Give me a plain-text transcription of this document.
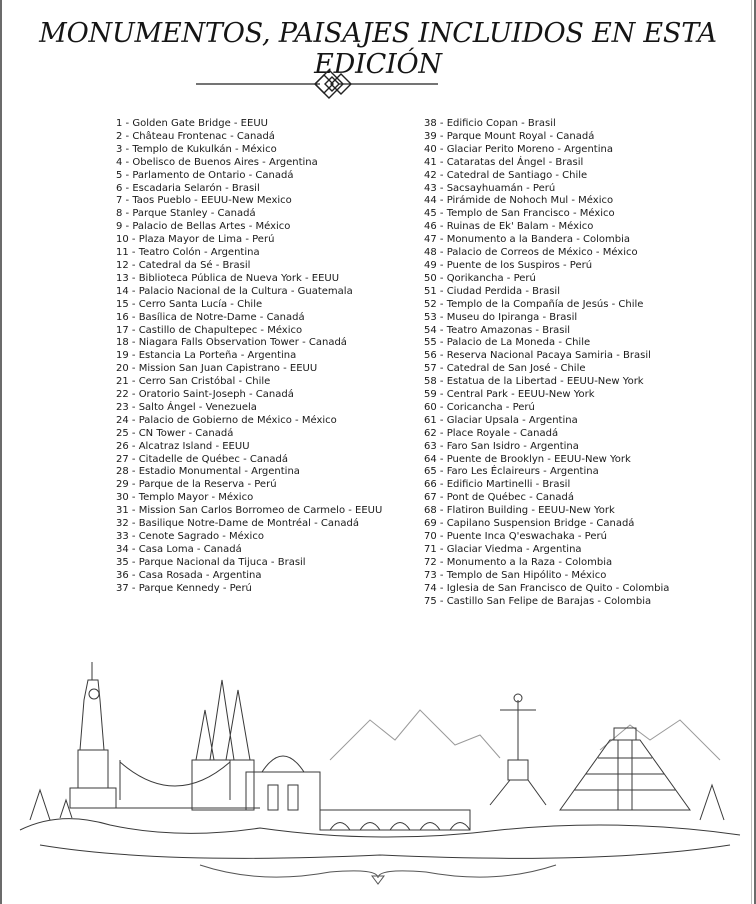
MONUMENTOS, PAISAJES INCLUIDOS EN ESTA EDICIÓN
1 - Golden Gate Bridge - EEUU
2 - Château Frontenac - Canadá
3 - Templo de Kukulkán - México
4 - Obelisco de Buenos Aires - Argentina
5 - Parlamento de Ontario - Canadá
6 - Escadaria Selarón - Brasil
7 - Taos Pueblo - EEUU-New Mexico
8 - Parque Stanley - Canadá
9 - Palacio de Bellas Artes - México
10 - Plaza Mayor de Lima - Perú
11 - Teatro Colón - Argentina
12 - Catedral da Sé - Brasil
13 - Biblioteca Pública de Nueva York - EEUU
14 - Palacio Nacional de la Cultura - Guatemala
15 - Cerro Santa Lucía - Chile
16 - Basílica de Notre-Dame - Canadá
17 - Castillo de Chapultepec - México
18 - Niagara Falls Observation Tower - Canadá
19 - Estancia La Porteña - Argentina
20 - Mission San Juan Capistrano - EEUU
21 - Cerro San Cristóbal - Chile
22 - Oratorio Saint-Joseph - Canadá
23 - Salto Ángel - Venezuela
24 - Palacio de Gobierno de México - México
25 - CN Tower - Canadá
26 - Alcatraz Island - EEUU
27 - Citadelle de Québec - Canadá
28 - Estadio Monumental - Argentina
29 - Parque de la Reserva - Perú
30 - Templo Mayor - México
31 - Mission San Carlos Borromeo de Carmelo - EEUU
32 - Basilique Notre-Dame de Montréal - Canadá
33 - Cenote Sagrado - México
34 - Casa Loma - Canadá
35 - Parque Nacional da Tijuca - Brasil
36 - Casa Rosada - Argentina
37 - Parque Kennedy - Perú
38 - Edificio Copan - Brasil
39 - Parque Mount Royal - Canadá
40 - Glaciar Perito Moreno - Argentina
41 - Cataratas del Ángel - Brasil
42 - Catedral de Santiago - Chile
43 - Sacsayhuamán - Perú
44 - Pirámide de Nohoch Mul - México
45 - Templo de San Francisco - México
46 - Ruinas de Ek' Balam - México
47 - Monumento a la Bandera - Colombia
48 - Palacio de Correos de México - México
49 - Puente de los Suspiros - Perú
50 - Qorikancha - Perú
51 - Ciudad Perdida - Brasil
52 - Templo de la Compañía de Jesús - Chile
53 - Museu do Ipiranga - Brasil
54 - Teatro Amazonas - Brasil
55 - Palacio de La Moneda - Chile
56 - Reserva Nacional Pacaya Samiria - Brasil
57 - Catedral de San José - Chile
58 - Estatua de la Libertad - EEUU-New York
59 - Central Park - EEUU-New York
60 - Coricancha - Perú
61 - Glaciar Upsala - Argentina
62 - Place Royale - Canadá
63 - Faro San Isidro - Argentina
64 - Puente de Brooklyn - EEUU-New York
65 - Faro Les Éclaireurs - Argentina
66 - Edificio Martinelli - Brasil
67 - Pont de Québec - Canadá
68 - Flatiron Building - EEUU-New York
69 - Capilano Suspension Bridge - Canadá
70 - Puente Inca Q'eswachaka - Perú
71 - Glaciar Viedma - Argentina
72 - Monumento a la Raza - Colombia
73 - Templo de San Hipólito - México
74 - Iglesia de San Francisco de Quito - Colombia
75 - Castillo San Felipe de Barajas - Colombia
